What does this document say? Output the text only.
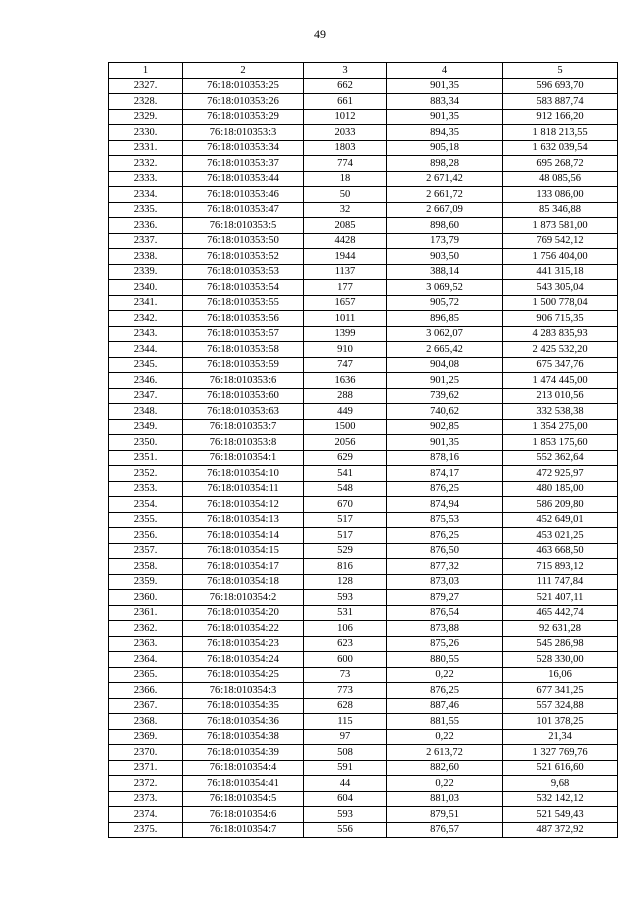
49
1	2	3	4	5
2327.	76:18:010353:25	662	901,35	596 693,70
2328.	76:18:010353:26	661	883,34	583 887,74
2329.	76:18:010353:29	1012	901,35	912 166,20
2330.	76:18:010353:3	2033	894,35	1 818 213,55
2331.	76:18:010353:34	1803	905,18	1 632 039,54
2332.	76:18:010353:37	774	898,28	695 268,72
2333.	76:18:010353:44	18	2 671,42	48 085,56
2334.	76:18:010353:46	50	2 661,72	133 086,00
2335.	76:18:010353:47	32	2 667,09	85 346,88
2336.	76:18:010353:5	2085	898,60	1 873 581,00
2337.	76:18:010353:50	4428	173,79	769 542,12
2338.	76:18:010353:52	1944	903,50	1 756 404,00
2339.	76:18:010353:53	1137	388,14	441 315,18
2340.	76:18:010353:54	177	3 069,52	543 305,04
2341.	76:18:010353:55	1657	905,72	1 500 778,04
2342.	76:18:010353:56	1011	896,85	906 715,35
2343.	76:18:010353:57	1399	3 062,07	4 283 835,93
2344.	76:18:010353:58	910	2 665,42	2 425 532,20
2345.	76:18:010353:59	747	904,08	675 347,76
2346.	76:18:010353:6	1636	901,25	1 474 445,00
2347.	76:18:010353:60	288	739,62	213 010,56
2348.	76:18:010353:63	449	740,62	332 538,38
2349.	76:18:010353:7	1500	902,85	1 354 275,00
2350.	76:18:010353:8	2056	901,35	1 853 175,60
2351.	76:18:010354:1	629	878,16	552 362,64
2352.	76:18:010354:10	541	874,17	472 925,97
2353.	76:18:010354:11	548	876,25	480 185,00
2354.	76:18:010354:12	670	874,94	586 209,80
2355.	76:18:010354:13	517	875,53	452 649,01
2356.	76:18:010354:14	517	876,25	453 021,25
2357.	76:18:010354:15	529	876,50	463 668,50
2358.	76:18:010354:17	816	877,32	715 893,12
2359.	76:18:010354:18	128	873,03	111 747,84
2360.	76:18:010354:2	593	879,27	521 407,11
2361.	76:18:010354:20	531	876,54	465 442,74
2362.	76:18:010354:22	106	873,88	92 631,28
2363.	76:18:010354:23	623	875,26	545 286,98
2364.	76:18:010354:24	600	880,55	528 330,00
2365.	76:18:010354:25	73	0,22	16,06
2366.	76:18:010354:3	773	876,25	677 341,25
2367.	76:18:010354:35	628	887,46	557 324,88
2368.	76:18:010354:36	115	881,55	101 378,25
2369.	76:18:010354:38	97	0,22	21,34
2370.	76:18:010354:39	508	2 613,72	1 327 769,76
2371.	76:18:010354:4	591	882,60	521 616,60
2372.	76:18:010354:41	44	0,22	9,68
2373.	76:18:010354:5	604	881,03	532 142,12
2374.	76:18:010354:6	593	879,51	521 549,43
2375.	76:18:010354:7	556	876,57	487 372,92
